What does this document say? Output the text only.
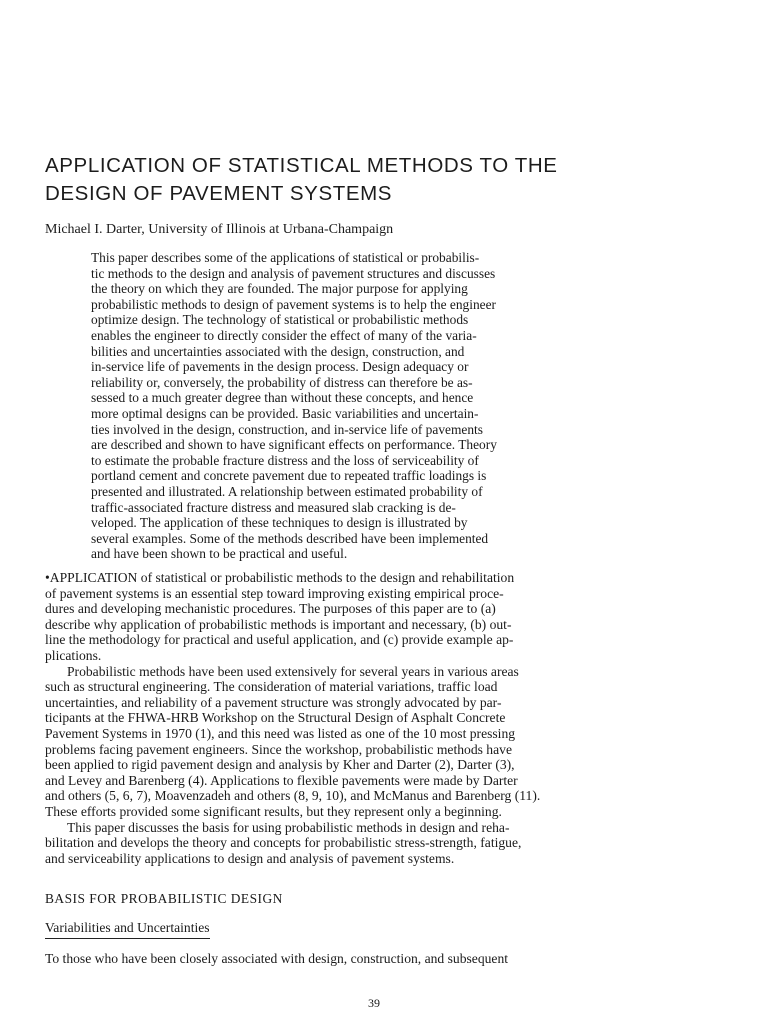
APPLICATION OF STATISTICAL METHODS TO THE
DESIGN OF PAVEMENT SYSTEMS

Michael I. Darter, University of Illinois at Urbana-Champaign

This paper describes some of the applications of statistical or probabilis-
tic methods to the design and analysis of pavement structures and discusses
the theory on which they are founded. The major purpose for applying
probabilistic methods to design of pavement systems is to help the engineer
optimize design. The technology of statistical or probabilistic methods
enables the engineer to directly consider the effect of many of the varia-
bilities and uncertainties associated with the design, construction, and
in-service life of pavements in the design process. Design adequacy or
reliability or, conversely, the probability of distress can therefore be as-
sessed to a much greater degree than without these concepts, and hence
more optimal designs can be provided. Basic variabilities and uncertain-
ties involved in the design, construction, and in-service life of pavements
are described and shown to have significant effects on performance. Theory
to estimate the probable fracture distress and the loss of serviceability of
portland cement and concrete pavement due to repeated traffic loadings is
presented and illustrated. A relationship between estimated probability of
traffic-associated fracture distress and measured slab cracking is de-
veloped. The application of these techniques to design is illustrated by
several examples. Some of the methods described have been implemented
and have been shown to be practical and useful.
•APPLICATION of statistical or probabilistic methods to the design and rehabilitation
of pavement systems is an essential step toward improving existing empirical proce-
dures and developing mechanistic procedures. The purposes of this paper are to (a)
describe why application of probabilistic methods is important and necessary, (b) out-
line the methodology for practical and useful application, and (c) provide example ap-
plications.
Probabilistic methods have been used extensively for several years in various areas
such as structural engineering. The consideration of material variations, traffic load
uncertainties, and reliability of a pavement structure was strongly advocated by par-
ticipants at the FHWA-HRB Workshop on the Structural Design of Asphalt Concrete
Pavement Systems in 1970 (1), and this need was listed as one of the 10 most pressing
problems facing pavement engineers. Since the workshop, probabilistic methods have
been applied to rigid pavement design and analysis by Kher and Darter (2), Darter (3),
and Levey and Barenberg (4). Applications to flexible pavements were made by Darter
and others (5, 6, 7), Moavenzadeh and others (8, 9, 10), and McManus and Barenberg (11).
These efforts provided some significant results, but they represent only a beginning.
This paper discusses the basis for using probabilistic methods in design and reha-
bilitation and develops the theory and concepts for probabilistic stress-strength, fatigue,
and serviceability applications to design and analysis of pavement systems.
BASIS FOR PROBABILISTIC DESIGN
Variabilities and Uncertainties

To those who have been closely associated with design, construction, and subsequent

39
